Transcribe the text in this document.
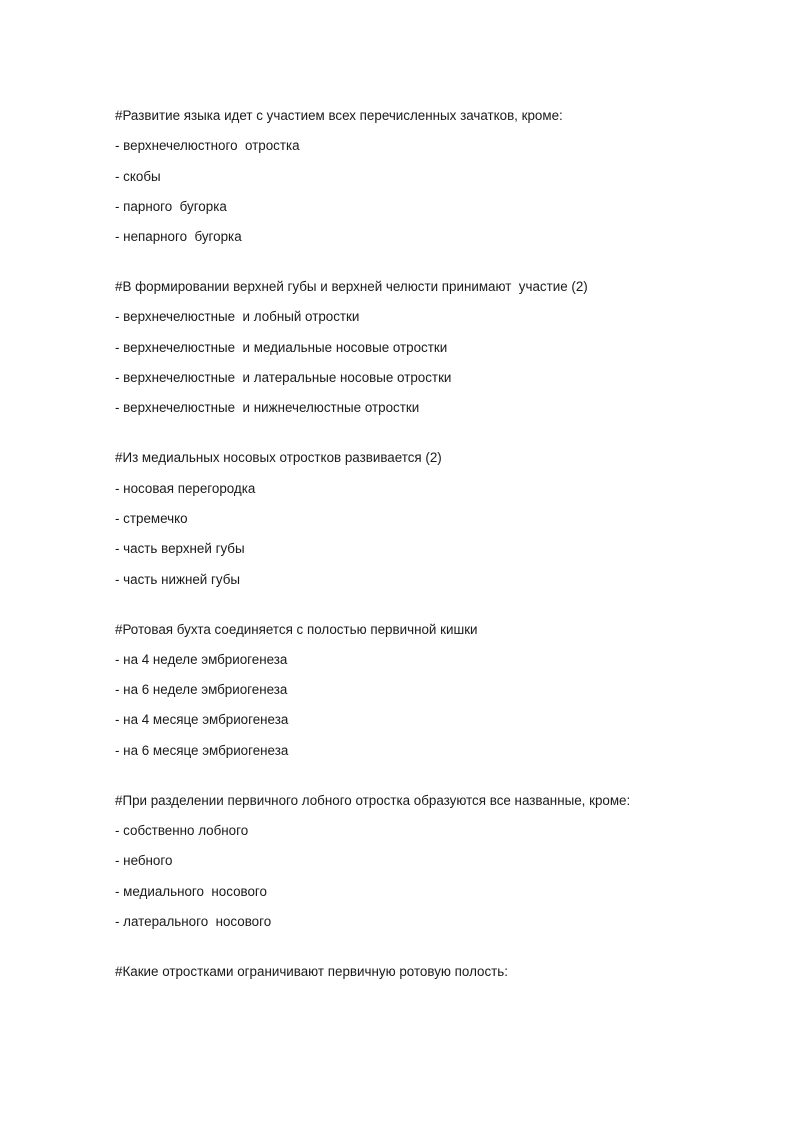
#Развитие языка идет с участием всех перечисленных зачатков, кроме:
- верхнечелюстного  отростка
- скобы
- парного  бугорка
- непарного  бугорка
#В формировании верхней губы и верхней челюсти принимают  участие (2)
- верхнечелюстные  и лобный отростки
- верхнечелюстные  и медиальные носовые отростки
- верхнечелюстные  и латеральные носовые отростки
- верхнечелюстные  и нижнечелюстные отростки
#Из медиальных носовых отростков развивается (2)
- носовая перегородка
- стремечко
- часть верхней губы
- часть нижней губы
#Ротовая бухта соединяется с полостью первичной кишки
- на 4 неделе эмбриогенеза
- на 6 неделе эмбриогенеза
- на 4 месяце эмбриогенеза
- на 6 месяце эмбриогенеза
#При разделении первичного лобного отростка образуются все названные, кроме:
- собственно лобного
- небного
- медиального  носового
- латерального  носового
#Какие отростками ограничивают первичную ротовую полость:
